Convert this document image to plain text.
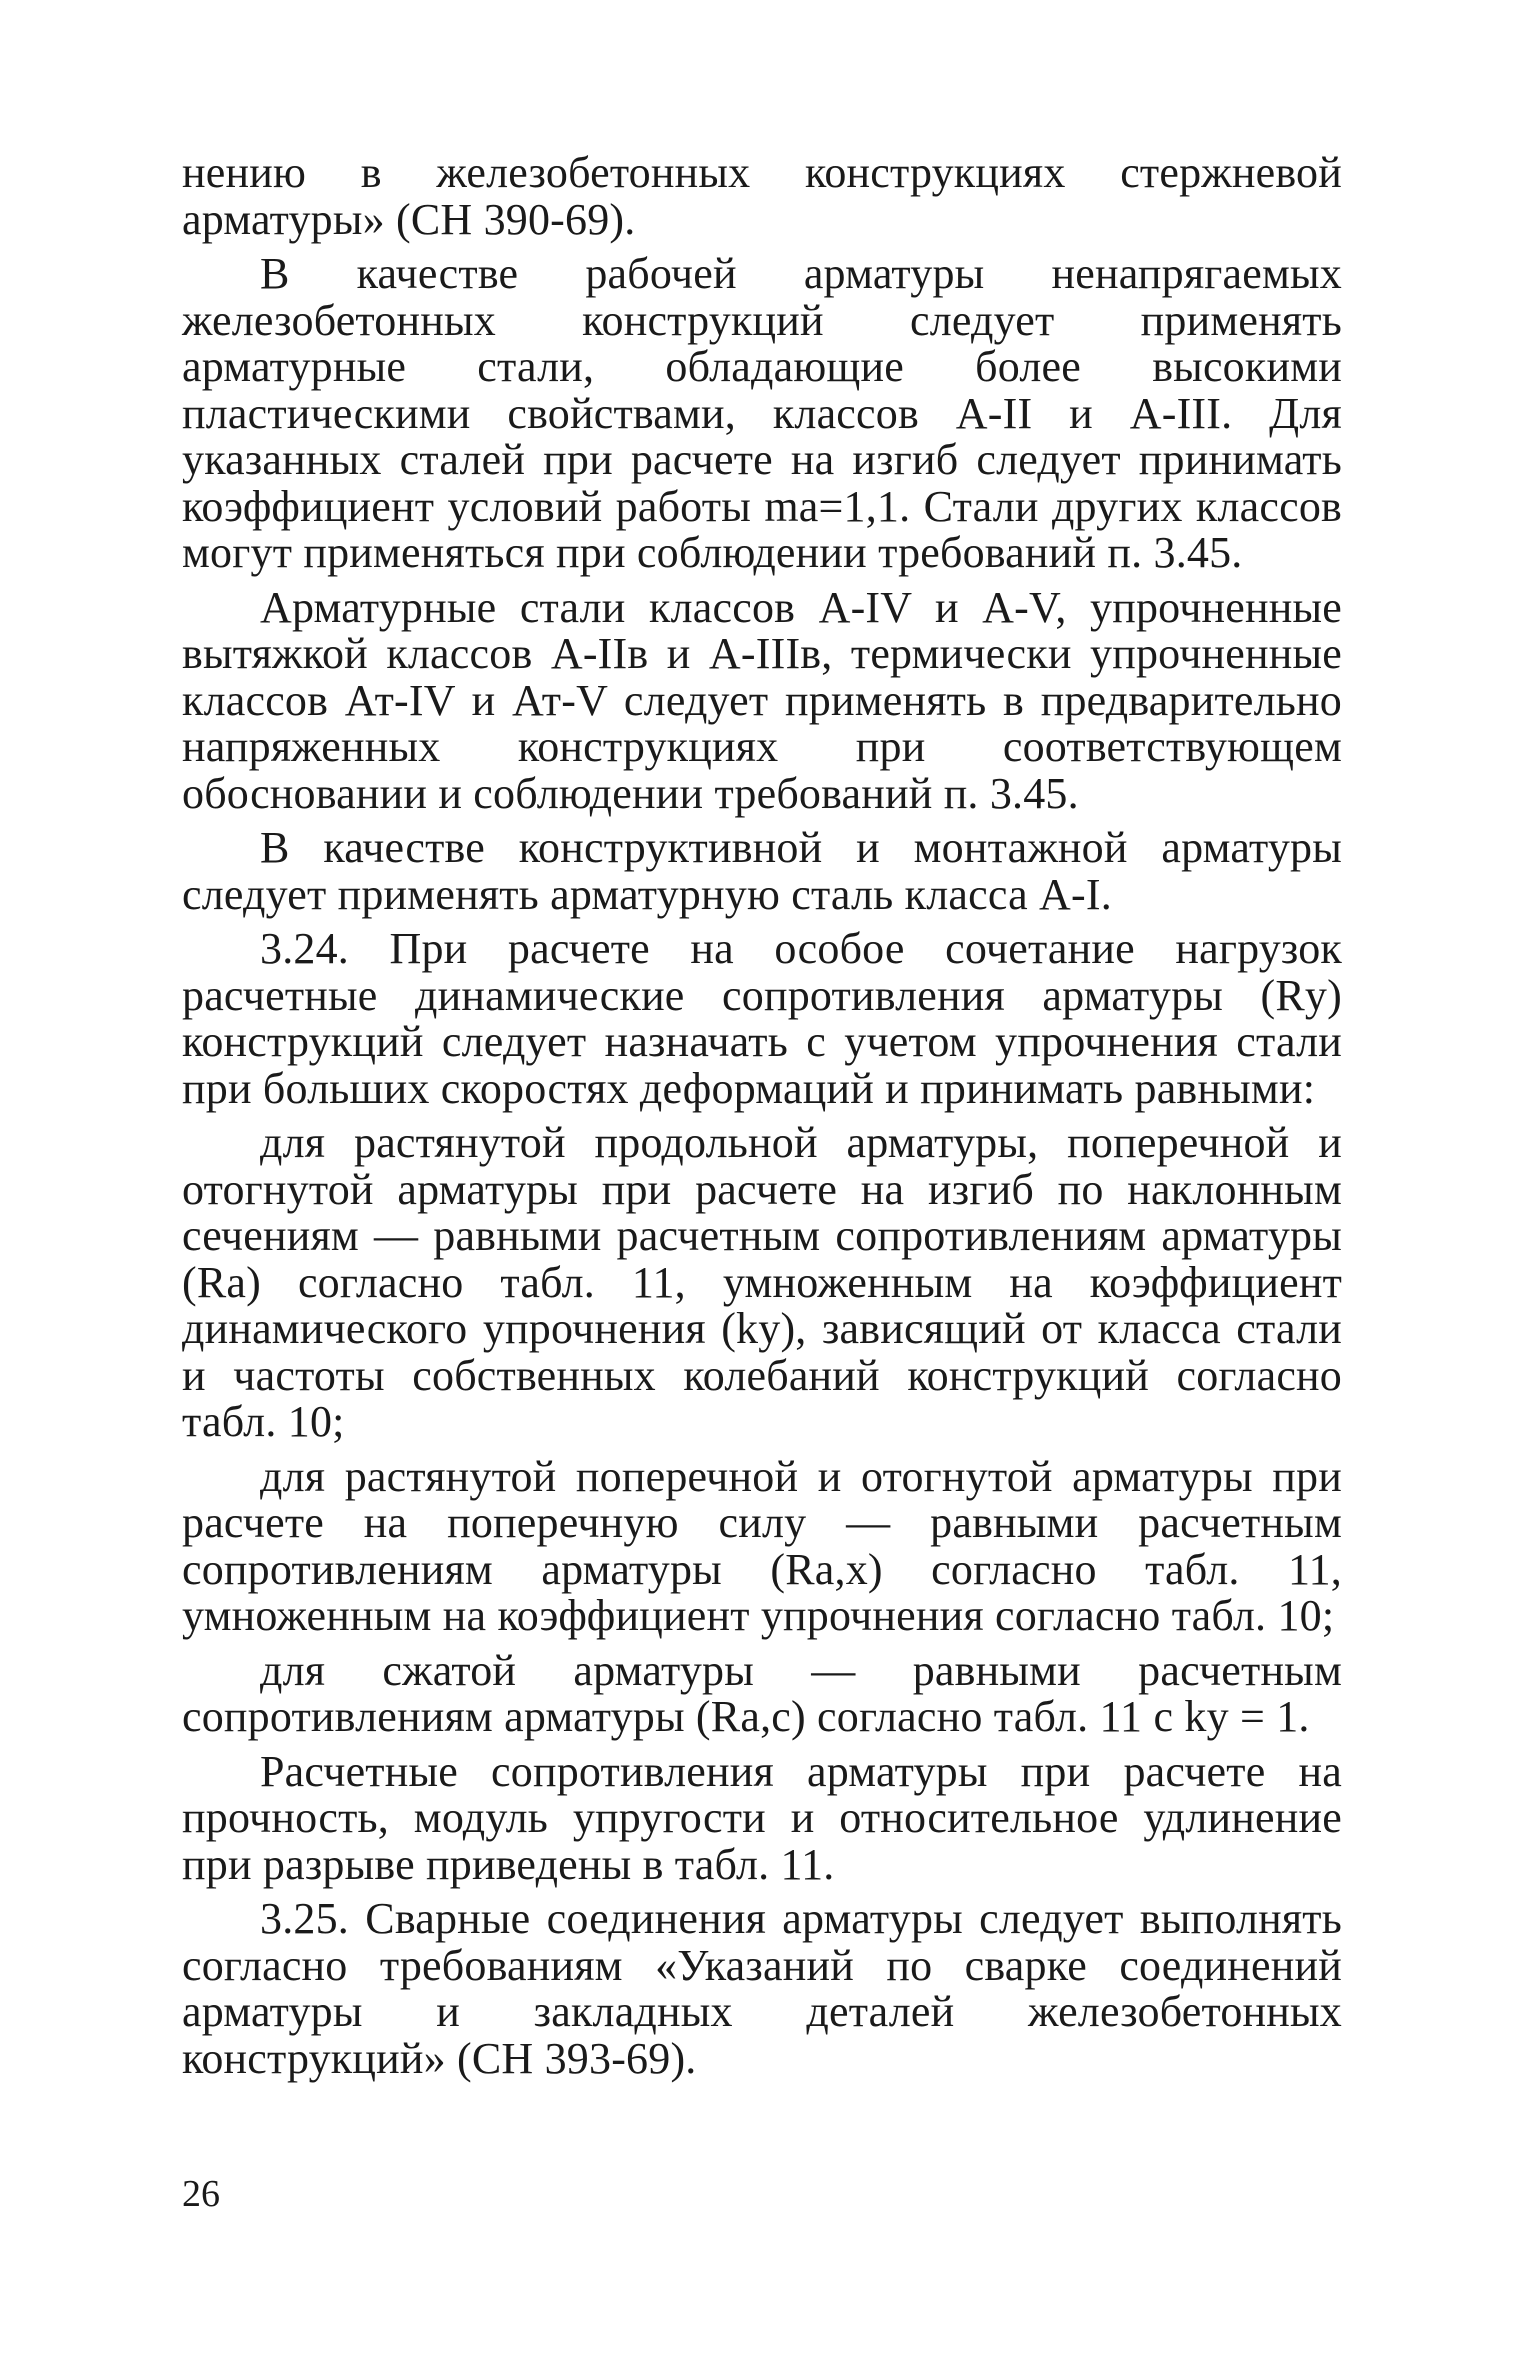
нению в железобетонных конструкциях стержневой арматуры» (СН 390-69).

В качестве рабочей арматуры ненапрягаемых железобетонных конструкций следует применять арматурные стали, обладающие более высокими пластическими свойствами, классов А-II и А-III. Для указанных сталей при расчете на изгиб следует принимать коэффициент условий работы mа=1,1. Стали других классов могут применяться при соблюдении требований п. 3.45.

Арматурные стали классов A-IV и A-V, упрочненные вытяжкой классов А-IIв и А-IIIв, термически упрочненные классов Ат-IV и Ат-V следует применять в предварительно напряженных конструкциях при соответствующем обосновании и соблюдении требований п. 3.45.

В качестве конструктивной и монтажной арматуры следует применять арматурную сталь класса А-I.

3.24. При расчете на особое сочетание нагрузок расчетные динамические сопротивления арматуры (Rу) конструкций следует назначать с учетом упрочнения стали при больших скоростях деформаций и принимать равными:

для растянутой продольной арматуры, поперечной и отогнутой арматуры при расчете на изгиб по наклонным сечениям — равными расчетным сопротивлениям арматуры (Rа) согласно табл. 11, умноженным на коэффициент динамического упрочнения (kу), зависящий от класса стали и частоты собственных колебаний конструкций согласно табл. 10;

для растянутой поперечной и отогнутой арматуры при расчете на поперечную силу — равными расчетным сопротивлениям арматуры (Rа,х) согласно табл. 11, умноженным на коэффициент упрочнения согласно табл. 10;

для сжатой арматуры — равными расчетным сопротивлениям арматуры (Rа,с) согласно табл. 11 с kу = 1.

Расчетные сопротивления арматуры при расчете на прочность, модуль упругости и относительное удлинение при разрыве приведены в табл. 11.

3.25. Сварные соединения арматуры следует выполнять согласно требованиям «Указаний по сварке соединений арматуры и закладных деталей железобетонных конструкций» (СН 393-69).

26
